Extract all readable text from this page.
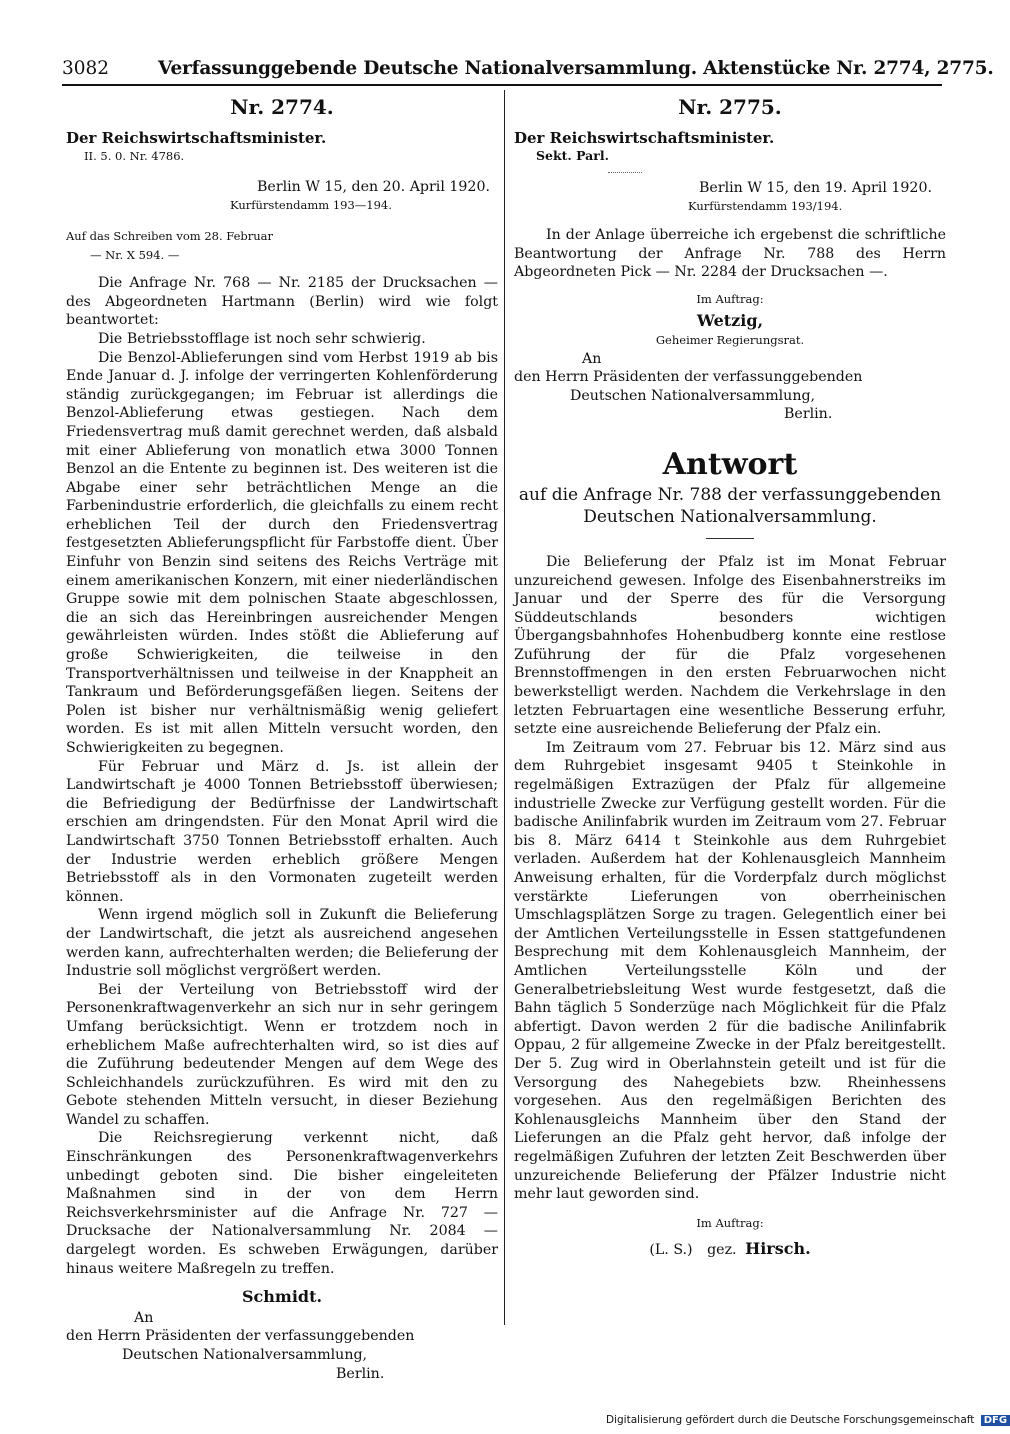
3082	Verfassunggebende Deutsche Nationalversammlung. Aktenstücke Nr. 2774, 2775.
Nr. 2774.
Der Reichswirtschaftsminister.
II. 5. 0. Nr. 4786.
Berlin W 15, den 20. April 1920.
Kurfürstendamm 193—194.
Auf das Schreiben vom 28. Februar
— Nr. X 594. —

Die Anfrage Nr. 768 — Nr. 2185 der Drucksachen — des Abgeordneten Hartmann (Berlin) wird wie folgt beantwortet:

Die Betriebsstofflage ist noch sehr schwierig.

Die Benzol-Ablieferungen sind vom Herbst 1919 ab bis Ende Januar d. J. infolge der verringerten Kohlenförderung ständig zurückgegangen; im Februar ist allerdings die Benzol-Ablieferung etwas gestiegen. Nach dem Friedensvertrag muß damit gerechnet werden, daß alsbald mit einer Ablieferung von monatlich etwa 3000 Tonnen Benzol an die Entente zu beginnen ist. Des weiteren ist die Abgabe einer sehr beträchtlichen Menge an die Farbenindustrie erforderlich, die gleichfalls zu einem recht erheblichen Teil der durch den Friedensvertrag festgesetzten Ablieferungspflicht für Farbstoffe dient. Über Einfuhr von Benzin sind seitens des Reichs Verträge mit einem amerikanischen Konzern, mit einer niederländischen Gruppe sowie mit dem polnischen Staate abgeschlossen, die an sich das Hereinbringen ausreichender Mengen gewährleisten würden. Indes stößt die Ablieferung auf große Schwierigkeiten, die teilweise in den Transportverhältnissen und teilweise in der Knappheit an Tankraum und Beförderungsgefäßen liegen. Seitens der Polen ist bisher nur verhältnismäßig wenig geliefert worden. Es ist mit allen Mitteln versucht worden, den Schwierigkeiten zu begegnen.

Für Februar und März d. Js. ist allein der Landwirtschaft je 4000 Tonnen Betriebsstoff überwiesen; die Befriedigung der Bedürfnisse der Landwirtschaft erschien am dringendsten. Für den Monat April wird die Landwirtschaft 3750 Tonnen Betriebsstoff erhalten. Auch der Industrie werden erheblich größere Mengen Betriebsstoff als in den Vormonaten zugeteilt werden können.

Wenn irgend möglich soll in Zukunft die Belieferung der Landwirtschaft, die jetzt als ausreichend angesehen werden kann, aufrechterhalten werden; die Belieferung der Industrie soll möglichst vergrößert werden.

Bei der Verteilung von Betriebsstoff wird der Personenkraftwagenverkehr an sich nur in sehr geringem Umfang berücksichtigt. Wenn er trotzdem noch in erheblichem Maße aufrechterhalten wird, so ist dies auf die Zuführung bedeutender Mengen auf dem Wege des Schleichhandels zurückzuführen. Es wird mit den zu Gebote stehenden Mitteln versucht, in dieser Beziehung Wandel zu schaffen.

Die Reichsregierung verkennt nicht, daß Einschränkungen des Personenkraftwagenverkehrs unbedingt geboten sind. Die bisher eingeleiteten Maßnahmen sind in der von dem Herrn Reichsverkehrsminister auf die Anfrage Nr. 727 — Drucksache der Nationalversammlung Nr. 2084 — dargelegt worden. Es schweben Erwägungen, darüber hinaus weitere Maßregeln zu treffen.

Schmidt.
An
den Herrn Präsidenten der verfassunggebenden
Deutschen Nationalversammlung,
Berlin.
Nr. 2775.
Der Reichswirtschaftsminister.
Sekt. Parl.
Berlin W 15, den 19. April 1920.
Kurfürstendamm 193/194.

In der Anlage überreiche ich ergebenst die schriftliche Beantwortung der Anfrage Nr. 788 des Herrn Abgeordneten Pick — Nr. 2284 der Drucksachen —.

Im Auftrag:
Wetzig,
Geheimer Regierungsrat.
An
den Herrn Präsidenten der verfassunggebenden
Deutschen Nationalversammlung,
Berlin.
Antwort
auf die Anfrage Nr. 788 der verfassunggebenden
Deutschen Nationalversammlung.

Die Belieferung der Pfalz ist im Monat Februar unzureichend gewesen. Infolge des Eisenbahnerstreiks im Januar und der Sperre des für die Versorgung Süddeutschlands besonders wichtigen Übergangsbahnhofes Hohenbudberg konnte eine restlose Zuführung der für die Pfalz vorgesehenen Brennstoffmengen in den ersten Februarwochen nicht bewerkstelligt werden. Nachdem die Verkehrslage in den letzten Februartagen eine wesentliche Besserung erfuhr, setzte eine ausreichende Belieferung der Pfalz ein.

Im Zeitraum vom 27. Februar bis 12. März sind aus dem Ruhrgebiet insgesamt 9405 t Steinkohle in regelmäßigen Extrazügen der Pfalz für allgemeine industrielle Zwecke zur Verfügung gestellt worden. Für die badische Anilinfabrik wurden im Zeitraum vom 27. Februar bis 8. März 6414 t Steinkohle aus dem Ruhrgebiet verladen. Außerdem hat der Kohlenausgleich Mannheim Anweisung erhalten, für die Vorderpfalz durch möglichst verstärkte Lieferungen von oberrheinischen Umschlagsplätzen Sorge zu tragen. Gelegentlich einer bei der Amtlichen Verteilungsstelle in Essen stattgefundenen Besprechung mit dem Kohlenausgleich Mannheim, der Amtlichen Verteilungsstelle Köln und der Generalbetriebsleitung West wurde festgesetzt, daß die Bahn täglich 5 Sonderzüge nach Möglichkeit für die Pfalz abfertigt. Davon werden 2 für die badische Anilinfabrik Oppau, 2 für allgemeine Zwecke in der Pfalz bereitgestellt. Der 5. Zug wird in Oberlahnstein geteilt und ist für die Versorgung des Nahegebiets bzw. Rheinhessens vorgesehen. Aus den regelmäßigen Berichten des Kohlenausgleichs Mannheim über den Stand der Lieferungen an die Pfalz geht hervor, daß infolge der regelmäßigen Zufuhren der letzten Zeit Beschwerden über unzureichende Belieferung der Pfälzer Industrie nicht mehr laut geworden sind.

Im Auftrag:
(L. S.) gez. Hirsch.
Digitalisierung gefördert durch die Deutsche Forschungsgemeinschaft DFG
